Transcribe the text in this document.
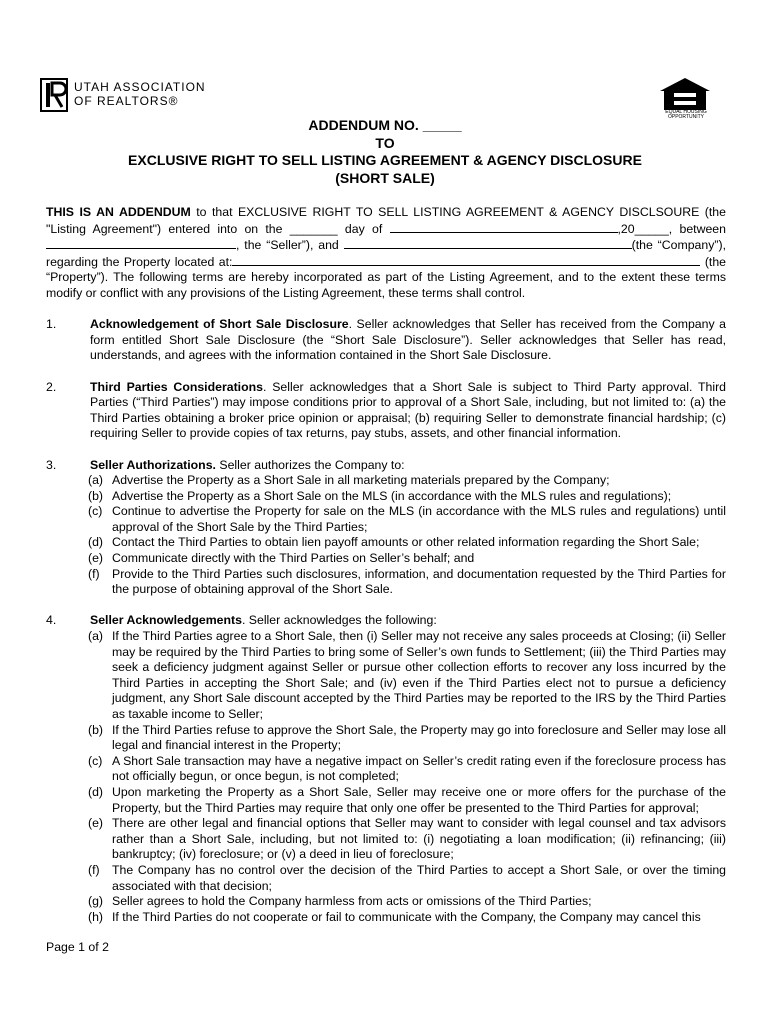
UTAH ASSOCIATION
OF REALTORS®
EQUAL HOUSING
OPPORTUNITY
ADDENDUM NO. _____
TO
EXCLUSIVE RIGHT TO SELL LISTING AGREEMENT & AGENCY DISCLOSURE
(SHORT SALE)

THIS IS AN ADDENDUM to that EXCLUSIVE RIGHT TO SELL LISTING AGREEMENT & AGENCY DISCLSOURE (the "Listing Agreement") entered into on the _______ day of	,20_____, between , the “Seller”), and	(the “Company”), regarding the Property located at:	(the “Property”). The following terms are hereby incorporated as part of the Listing Agreement, and to the extent these terms modify or conflict with any provisions of the Listing Agreement, these terms shall control.

1.	Acknowledgement of Short Sale Disclosure. Seller acknowledges that Seller has received from the Company a form entitled Short Sale Disclosure (the “Short Sale Disclosure”). Seller acknowledges that Seller has read, understands, and agrees with the information contained in the Short Sale Disclosure.

2.	Third Parties Considerations. Seller acknowledges that a Short Sale is subject to Third Party approval. Third Parties (“Third Parties”) may impose conditions prior to approval of a Short Sale, including, but not limited to: (a) the Third Parties obtaining a broker price opinion or appraisal; (b) requiring Seller to demonstrate financial hardship; (c) requiring Seller to provide copies of tax returns, pay stubs, assets, and other financial information.

3.	Seller Authorizations. Seller authorizes the Company to:

(a) Advertise the Property as a Short Sale in all marketing materials prepared by the Company;
(b) Advertise the Property as a Short Sale on the MLS (in accordance with the MLS rules and regulations);
(c) Continue to advertise the Property for sale on the MLS (in accordance with the MLS rules and regulations) until approval of the Short Sale by the Third Parties;
(d) Contact the Third Parties to obtain lien payoff amounts or other related information regarding the Short Sale;
(e) Communicate directly with the Third Parties on Seller’s behalf; and
(f)	Provide to the Third Parties such disclosures, information, and documentation requested by the Third Parties for the purpose of obtaining approval of the Short Sale.
4.	Seller Acknowledgements. Seller acknowledges the following:

(a) If the Third Parties agree to a Short Sale, then (i) Seller may not receive any sales proceeds at Closing; (ii) Seller may be required by the Third Parties to bring some of Seller’s own funds to Settlement; (iii) the Third Parties may seek a deficiency judgment against Seller or pursue other collection efforts to recover any loss incurred by the Third Parties in accepting the Short Sale; and (iv) even if the Third Parties elect not to pursue a deficiency judgment, any Short Sale discount accepted by the Third Parties may be reported to the IRS by the Third Parties as taxable income to Seller;
(b) If the Third Parties refuse to approve the Short Sale, the Property may go into foreclosure and Seller may lose all legal and financial interest in the Property;
(c) A Short Sale transaction may have a negative impact on Seller’s credit rating even if the foreclosure process has not officially begun, or once begun, is not completed;
(d) Upon marketing the Property as a Short Sale, Seller may receive one or more offers for the purchase of the Property, but the Third Parties may require that only one offer be presented to the Third Parties for approval;
(e) There are other legal and financial options that Seller may want to consider with legal counsel and tax advisors rather than a Short Sale, including, but not limited to: (i) negotiating a loan modification; (ii) refinancing; (iii) bankruptcy; (iv) foreclosure; or (v) a deed in lieu of foreclosure;
(f)	The Company has no control over the decision of the Third Parties to accept a Short Sale, or over the timing associated with that decision;
(g) Seller agrees to hold the Company harmless from acts or omissions of the Third Parties;
(h) If the Third Parties do not cooperate or fail to communicate with the Company, the Company may cancel this
Page 1 of 2
